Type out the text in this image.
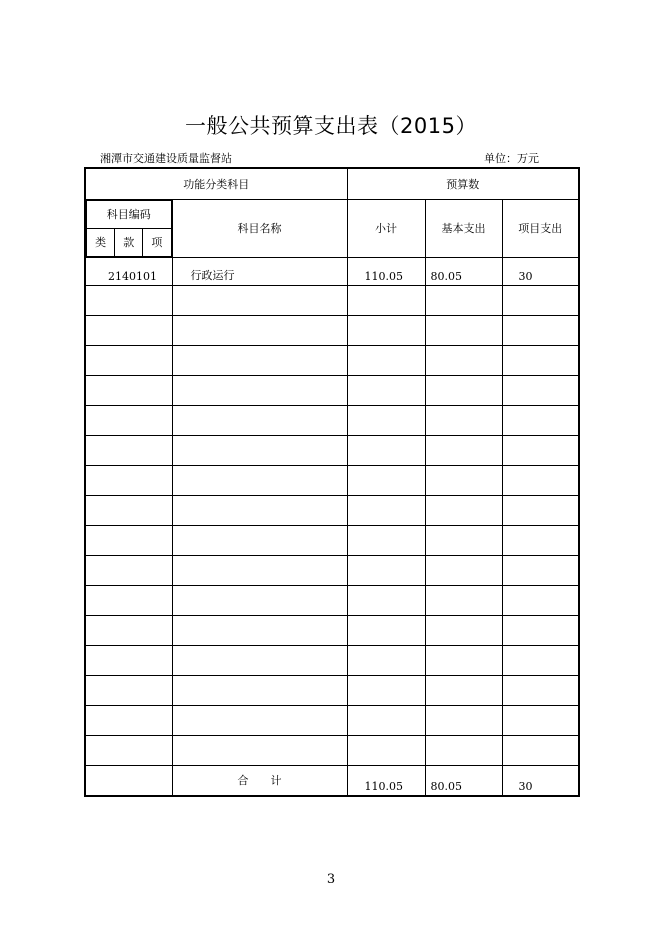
一般公共预算支出表（2015）
湘潭市交通建设质量监督站	单位：万元
功能分类科目	预算数

科目编码
类	款	项
	科目名称	小计	基本支出	项目支出
2140101	行政运行	110.05	80.05	30

	合　　计	110.05	80.05	30
3
